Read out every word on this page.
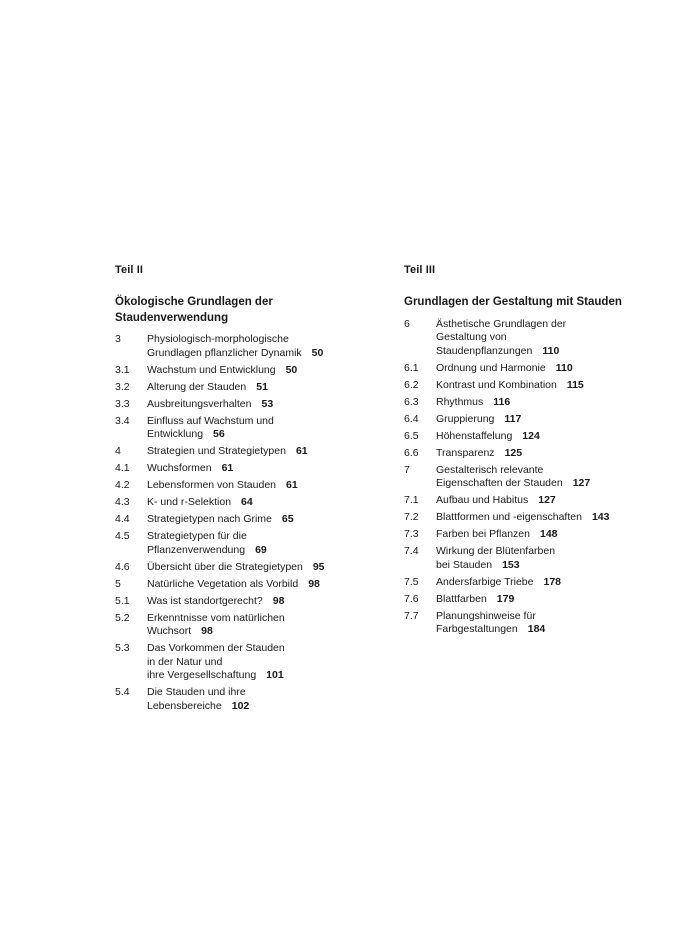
Teil II
Ökologische Grundlagen der Staudenverwendung
3	Physiologisch-morphologische
Grundlagen pflanzlicher Dynamik 50
3.1	Wachstum und Entwicklung 50
3.2	Alterung der Stauden 51
3.3	Ausbreitungsverhalten 53
3.4	Einfluss auf Wachstum und
Entwicklung 56
4	Strategien und Strategietypen 61
4.1	Wuchsformen 61
4.2	Lebensformen von Stauden 61
4.3	K- und r-Selektion 64
4.4	Strategietypen nach Grime 65
4.5	Strategietypen für die
Pflanzenverwendung 69
4.6	Übersicht über die Strategietypen 95
5	Natürliche Vegetation als Vorbild 98
5.1	Was ist standortgerecht? 98
5.2	Erkenntnisse vom natürlichen
Wuchsort 98
5.3	Das Vorkommen der Stauden
in der Natur und
ihre Vergesellschaftung 101
5.4	Die Stauden und ihre
Lebensbereiche 102
Teil III
Grundlagen der Gestaltung mit Stauden
6	Ästhetische Grundlagen der
Gestaltung von
Staudenpflanzungen 110
6.1	Ordnung und Harmonie 110
6.2	Kontrast und Kombination 115
6.3	Rhythmus 116
6.4	Gruppierung 117
6.5	Höhenstaffelung 124
6.6	Transparenz 125
7	Gestalterisch relevante
Eigenschaften der Stauden 127
7.1	Aufbau und Habitus 127
7.2	Blattformen und -eigenschaften 143
7.3	Farben bei Pflanzen 148
7.4	Wirkung der Blütenfarben
bei Stauden 153
7.5	Andersfarbige Triebe 178
7.6	Blattfarben 179
7.7	Planungshinweise für
Farbgestaltungen 184
